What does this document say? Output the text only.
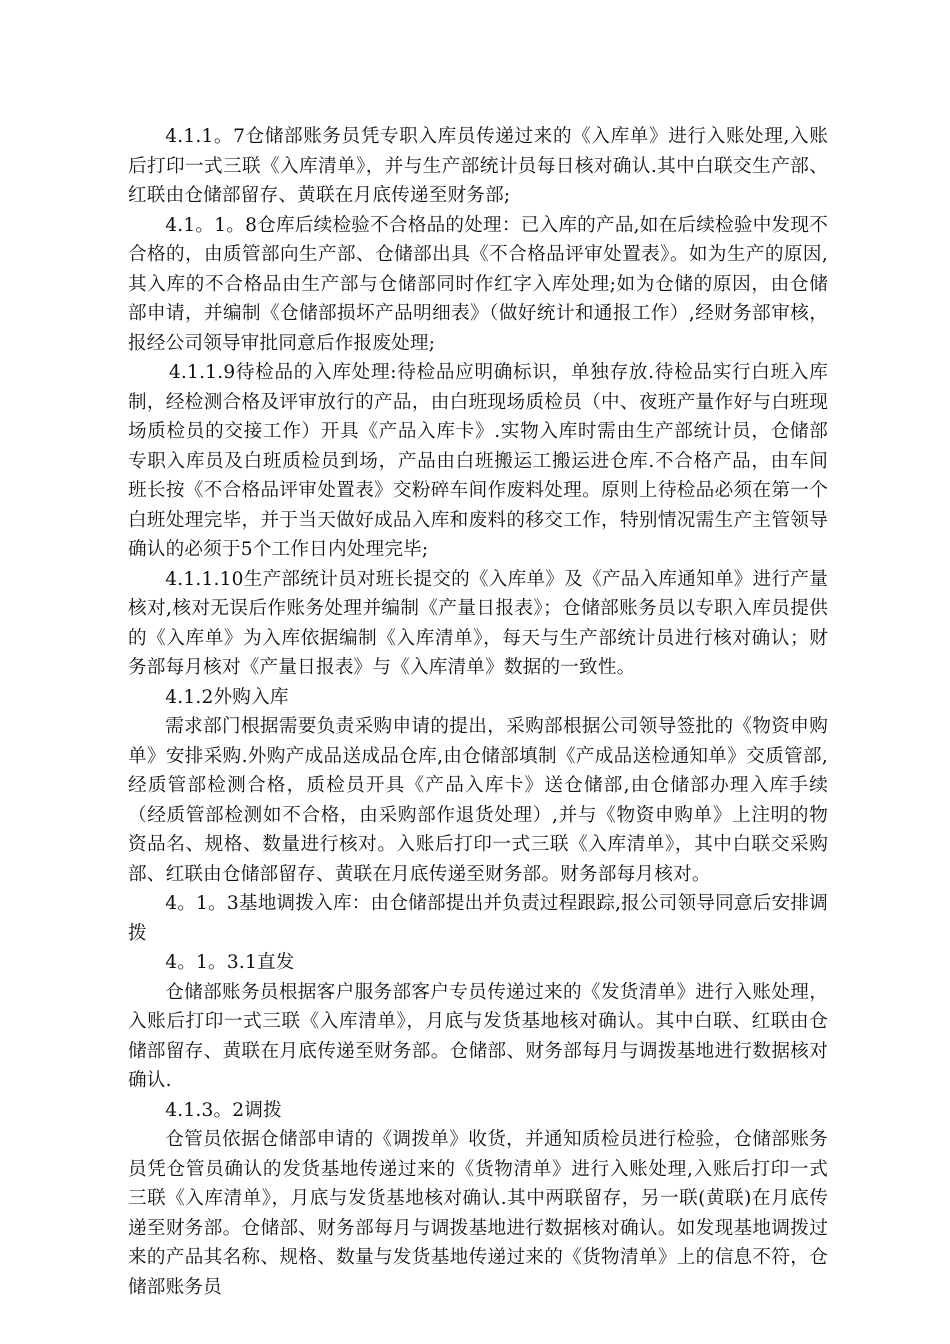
4.1.1。7仓储部账务员凭专职入库员传递过来的《入库单》进行入账处理,入账后打印一式三联《入库清单》，并与生产部统计员每日核对确认.其中白联交生产部、红联由仓储部留存、黄联在月底传递至财务部;

4.1。1。8仓库后续检验不合格品的处理：已入库的产品,如在后续检验中发现不合格的，由质管部向生产部、仓储部出具《不合格品评审处置表》。如为生产的原因,其入库的不合格品由生产部与仓储部同时作红字入库处理;如为仓储的原因，由仓储部申请，并编制《仓储部损坏产品明细表》（做好统计和通报工作）,经财务部审核，报经公司领导审批同意后作报废处理;

4.1.1.9待检品的入库处理:待检品应明确标识，单独存放.待检品实行白班入库制，经检测合格及评审放行的产品，由白班现场质检员（中、夜班产量作好与白班现场质检员的交接工作）开具《产品入库卡》.实物入库时需由生产部统计员，仓储部专职入库员及白班质检员到场，产品由白班搬运工搬运进仓库.不合格产品，由车间班长按《不合格品评审处置表》交粉碎车间作废料处理。原则上待检品必须在第一个白班处理完毕，并于当天做好成品入库和废料的移交工作，特别情况需生产主管领导确认的必须于5个工作日内处理完毕;

4.1.1.10生产部统计员对班长提交的《入库单》及《产品入库通知单》进行产量核对,核对无误后作账务处理并编制《产量日报表》；仓储部账务员以专职入库员提供的《入库单》为入库依据编制《入库清单》，每天与生产部统计员进行核对确认；财务部每月核对《产量日报表》与《入库清单》数据的一致性。

4.1.2外购入库

需求部门根据需要负责采购申请的提出，采购部根据公司领导签批的《物资申购单》安排采购.外购产成品送成品仓库,由仓储部填制《产成品送检通知单》交质管部,经质管部检测合格，质检员开具《产品入库卡》送仓储部,由仓储部办理入库手续（经质管部检测如不合格，由采购部作退货处理）,并与《物资申购单》上注明的物资品名、规格、数量进行核对。入账后打印一式三联《入库清单》，其中白联交采购部、红联由仓储部留存、黄联在月底传递至财务部。财务部每月核对。

4。1。3基地调拨入库：由仓储部提出并负责过程跟踪,报公司领导同意后安排调拨

4。1。3.1直发

仓储部账务员根据客户服务部客户专员传递过来的《发货清单》进行入账处理，入账后打印一式三联《入库清单》，月底与发货基地核对确认。其中白联、红联由仓储部留存、黄联在月底传递至财务部。仓储部、财务部每月与调拨基地进行数据核对确认.

4.1.3。2调拨

仓管员依据仓储部申请的《调拨单》收货，并通知质检员进行检验，仓储部账务员凭仓管员确认的发货基地传递过来的《货物清单》进行入账处理,入账后打印一式三联《入库清单》，月底与发货基地核对确认.其中两联留存，另一联(黄联)在月底传递至财务部。仓储部、财务部每月与调拨基地进行数据核对确认。如发现基地调拨过来的产品其名称、规格、数量与发货基地传递过来的《货物清单》上的信息不符，仓储部账务员
